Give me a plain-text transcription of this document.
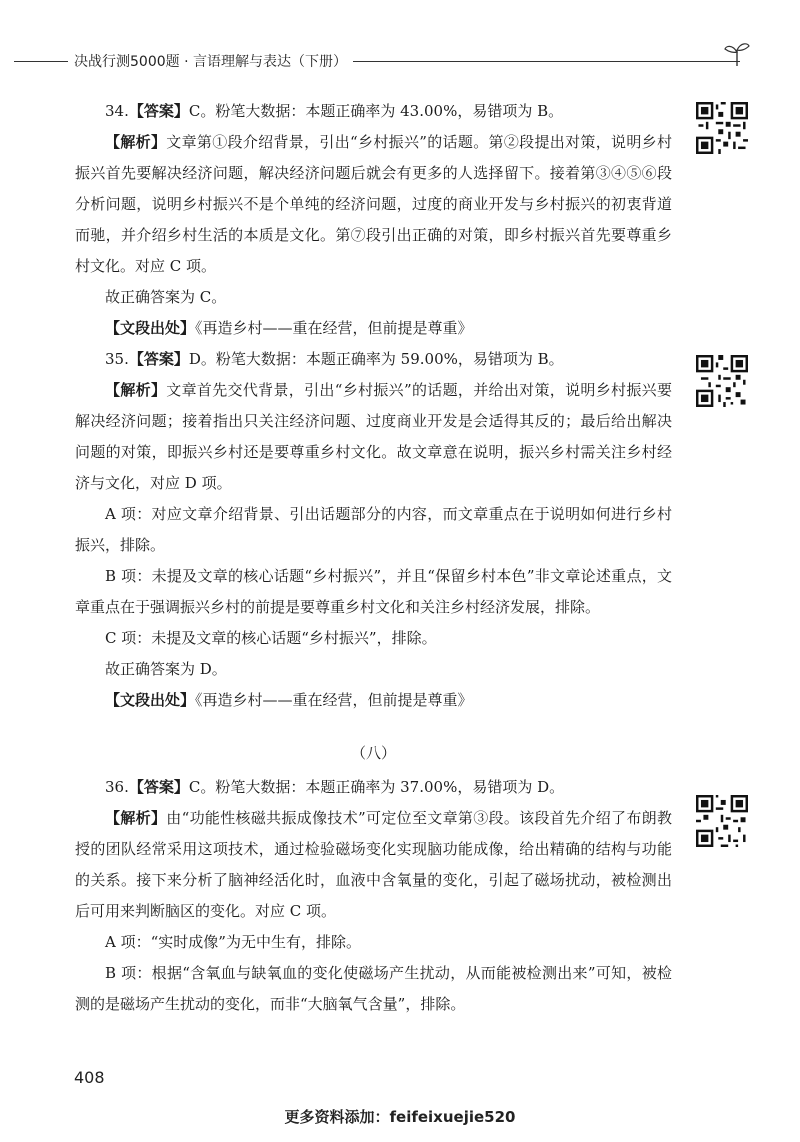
决战行测5000题 · 言语理解与表达（下册）

34.【答案】C。粉笔大数据：本题正确率为 43.00%，易错项为 B。

【解析】文章第①段介绍背景，引出“乡村振兴”的话题。第②段提出对策，说明乡村振兴首先要解决经济问题，解决经济问题后就会有更多的人选择留下。接着第③④⑤⑥段分析问题，说明乡村振兴不是个单纯的经济问题，过度的商业开发与乡村振兴的初衷背道而驰，并介绍乡村生活的本质是文化。第⑦段引出正确的对策，即乡村振兴首先要尊重乡村文化。对应 C 项。

故正确答案为 C。

【文段出处】《再造乡村——重在经营，但前提是尊重》

35.【答案】D。粉笔大数据：本题正确率为 59.00%，易错项为 B。

【解析】文章首先交代背景，引出“乡村振兴”的话题，并给出对策，说明乡村振兴要解决经济问题；接着指出只关注经济问题、过度商业开发是会适得其反的；最后给出解决问题的对策，即振兴乡村还是要尊重乡村文化。故文章意在说明，振兴乡村需关注乡村经济与文化，对应 D 项。

A 项：对应文章介绍背景、引出话题部分的内容，而文章重点在于说明如何进行乡村振兴，排除。

B 项：未提及文章的核心话题“乡村振兴”，并且“保留乡村本色”非文章论述重点，文章重点在于强调振兴乡村的前提是要尊重乡村文化和关注乡村经济发展，排除。

C 项：未提及文章的核心话题“乡村振兴”，排除。

故正确答案为 D。

【文段出处】《再造乡村——重在经营，但前提是尊重》

（八）

36.【答案】C。粉笔大数据：本题正确率为 37.00%，易错项为 D。

【解析】由“功能性核磁共振成像技术”可定位至文章第③段。该段首先介绍了布朗教授的团队经常采用这项技术，通过检验磁场变化实现脑功能成像，给出精确的结构与功能的关系。接下来分析了脑神经活化时，血液中含氧量的变化，引起了磁场扰动，被检测出后可用来判断脑区的变化。对应 C 项。

A 项：“实时成像”为无中生有，排除。

B 项：根据“含氧血与缺氧血的变化使磁场产生扰动，从而能被检测出来”可知，被检测的是磁场产生扰动的变化，而非“大脑氧气含量”，排除。

408
更多资料添加：feifeixuejie520
